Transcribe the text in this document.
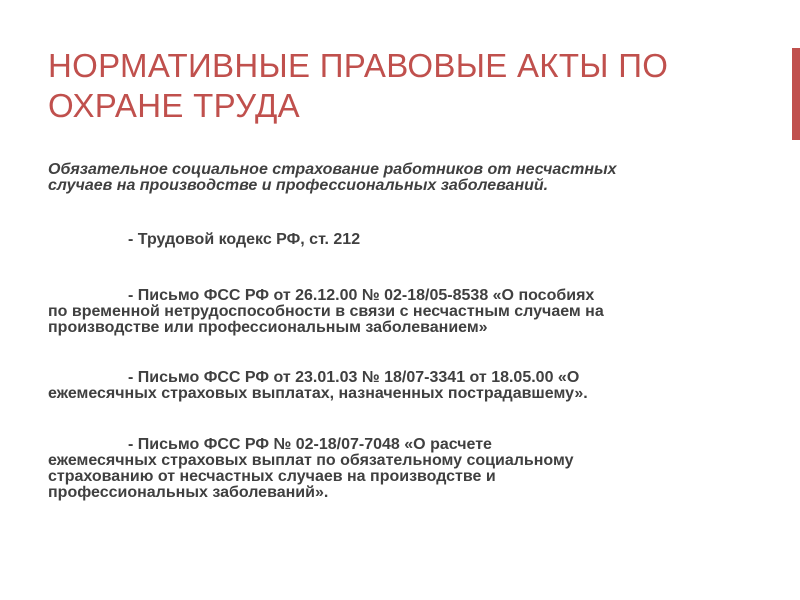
НОРМАТИВНЫЕ ПРАВОВЫЕ АКТЫ ПО
ОХРАНЕ ТРУДА

Обязательное социальное страхование работников от несчастных
случаев на производстве и профессиональных заболеваний.

- Трудовой кодекс РФ, ст. 212

- Письмо ФСС РФ от 26.12.00 № 02-18/05-8538 «О пособиях
по временной нетрудоспособности в связи с несчастным случаем на
производстве или профессиональным заболеванием»

- Письмо ФСС РФ от 23.01.03 № 18/07-3341 от 18.05.00 «О
ежемесячных страховых выплатах, назначенных пострадавшему».

- Письмо ФСС РФ № 02-18/07-7048 «О расчете
ежемесячных страховых выплат по обязательному социальному
страхованию от несчастных случаев на производстве и
профессиональных заболеваний».
